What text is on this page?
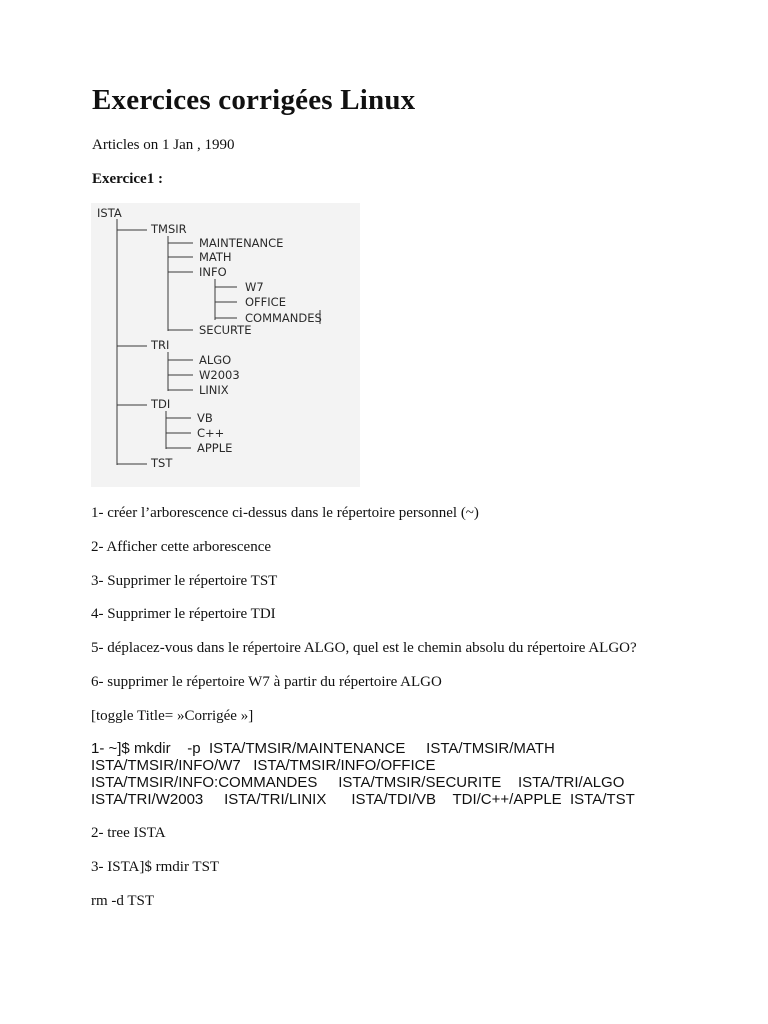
Exercices corrigées Linux
Articles on 1 Jan , 1990
Exercice1 :
ISTA
TMSIR
MAINTENANCE
MATH
INFO
W7
OFFICE
COMMANDES
SECURTE
TRI
ALGO
W2003
LINIX
TDI
VB
C++
APPLE
TST
1- créer l’arborescence ci-dessus dans le répertoire personnel (~)
2- Afficher cette arborescence
3- Supprimer le répertoire TST
4- Supprimer le répertoire TDI
5- déplacez-vous dans le répertoire ALGO, quel est le chemin absolu du répertoire ALGO?
6- supprimer le répertoire W7 à partir du répertoire ALGO
[toggle Title= »Corrigée »]
1- ~]$ mkdir    -p  ISTA/TMSIR/MAINTENANCE     ISTA/TMSIR/MATH
ISTA/TMSIR/INFO/W7   ISTA/TMSIR/INFO/OFFICE
ISTA/TMSIR/INFO:COMMANDES     ISTA/TMSIR/SECURITE    ISTA/TRI/ALGO
ISTA/TRI/W2003     ISTA/TRI/LINIX      ISTA/TDI/VB    TDI/C++/APPLE  ISTA/TST
2- tree ISTA
3- ISTA]$ rmdir TST
rm -d TST
